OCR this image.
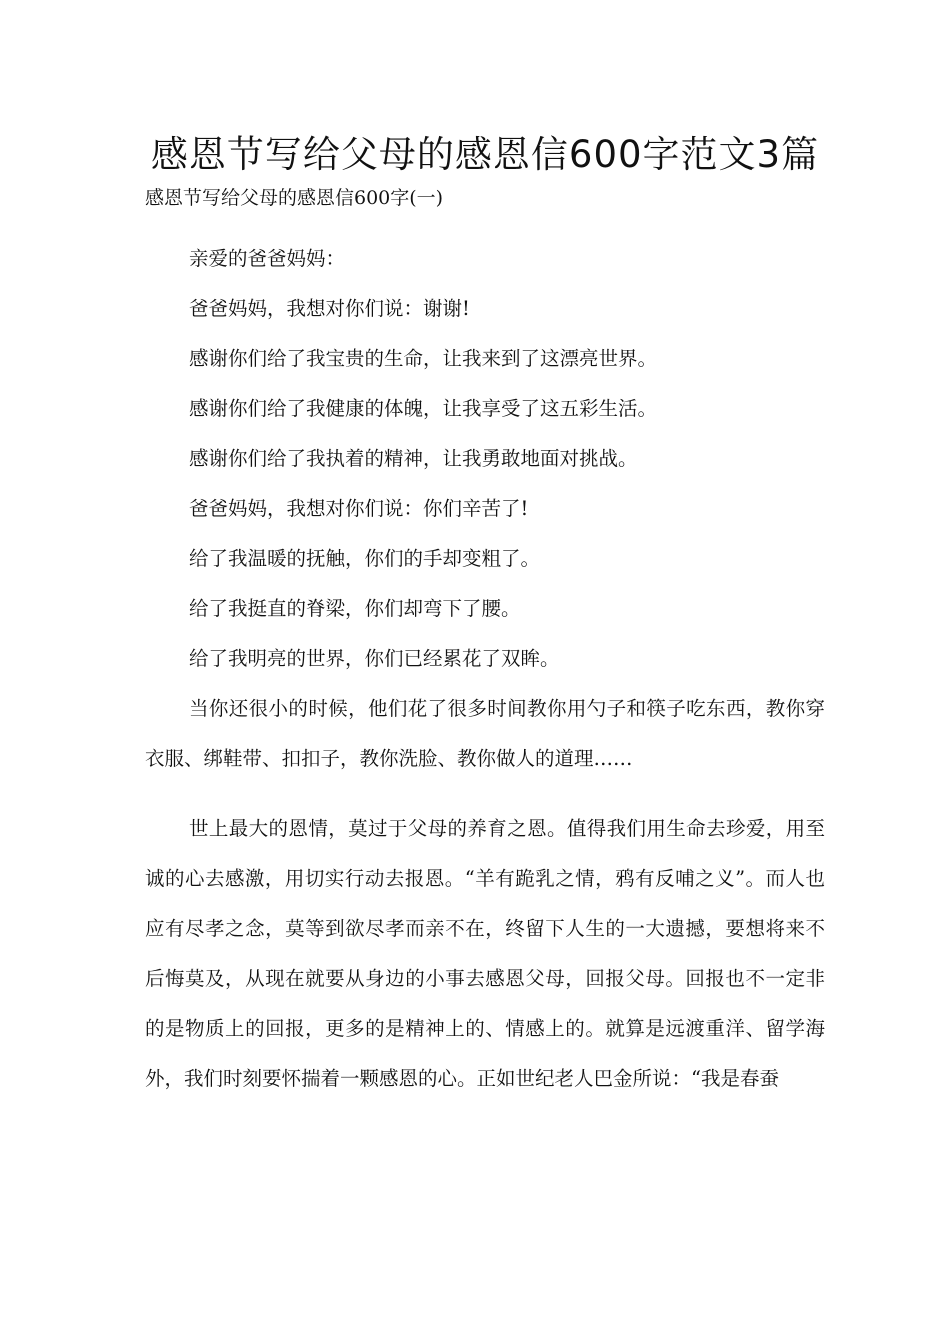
感恩节写给父母的感恩信600字范文3篇

感恩节写给父母的感恩信600字(一)

亲爱的爸爸妈妈：

爸爸妈妈，我想对你们说：谢谢!

感谢你们给了我宝贵的生命，让我来到了这漂亮世界。

感谢你们给了我健康的体魄，让我享受了这五彩生活。

感谢你们给了我执着的精神，让我勇敢地面对挑战。

爸爸妈妈，我想对你们说：你们辛苦了!

给了我温暖的抚触，你们的手却变粗了。

给了我挺直的脊梁，你们却弯下了腰。

给了我明亮的世界，你们已经累花了双眸。

当你还很小的时候，他们花了很多时间教你用勺子和筷子吃东西，教你穿衣服、绑鞋带、扣扣子，教你洗脸、教你做人的道理……

世上最大的恩情，莫过于父母的养育之恩。值得我们用生命去珍爱，用至诚的心去感激，用切实行动去报恩。“羊有跪乳之情，鸦有反哺之义”。而人也应有尽孝之念，莫等到欲尽孝而亲不在，终留下人生的一大遗撼，要想将来不后悔莫及，从现在就要从身边的小事去感恩父母，回报父母。回报也不一定非的是物质上的回报，更多的是精神上的、情感上的。就算是远渡重洋、留学海外，我们时刻要怀揣着一颗感恩的心。正如世纪老人巴金所说：“我是春蚕
